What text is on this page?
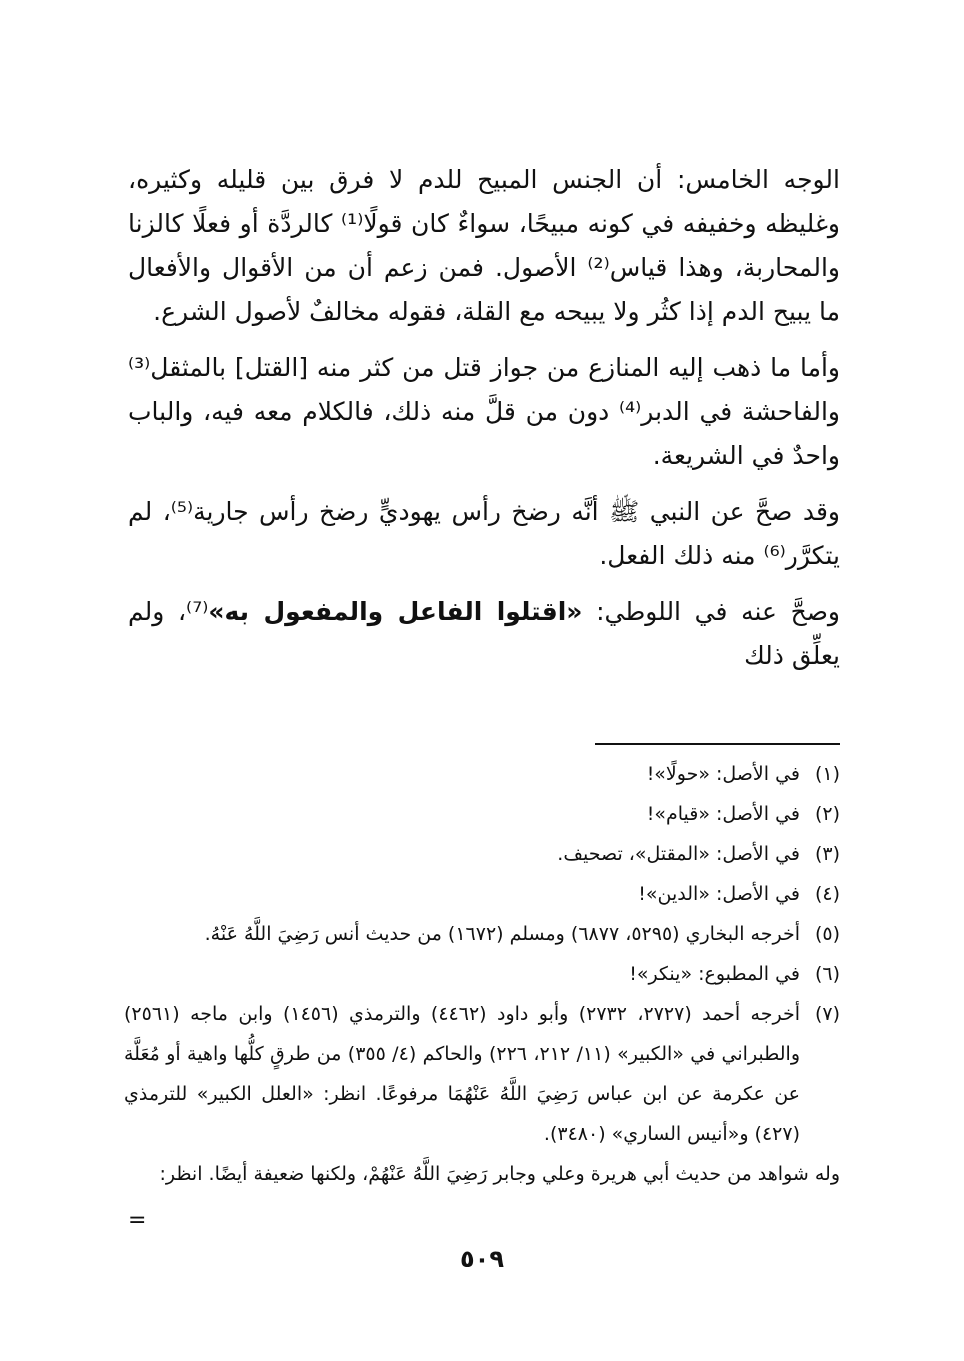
الوجه الخامس: أن الجنس المبيح للدم لا فرق بين قليله وكثيره، وغليظه وخفيفه في كونه مبيحًا، سواءٌ كان قولًا⁽¹⁾ كالردَّة أو فعلًا كالزنا والمحاربة، وهذا قياس⁽²⁾ الأصول. فمن زعم أن من الأقوال والأفعال ما يبيح الدم إذا كثُر ولا يبيحه مع القلة، فقوله مخالفٌ لأصول الشرع.

وأما ما ذهب إليه المنازع من جواز قتل من كثر منه [القتل] بالمثقل⁽³⁾ والفاحشة في الدبر⁽⁴⁾ دون من قلَّ منه ذلك، فالكلام معه فيه، والباب واحدٌ في الشريعة.

وقد صحَّ عن النبي ﷺ أنَّه رضخ رأس يهوديٍّ رضخ رأس جارية⁽⁵⁾، لم يتكرَّر⁽⁶⁾ منه ذلك الفعل.

وصحَّ عنه في اللوطي: «اقتلوا الفاعل والمفعول به»⁽⁷⁾، ولم يعلِّق ذلك

(١)
في الأصل: «حولًا»!
(٢)
في الأصل: «قيام»!
(٣)
في الأصل: «المقتل»، تصحيف.
(٤)
في الأصل: «الدين»!
(٥)
أخرجه البخاري (٥٢٩٥، ٦٨٧٧) ومسلم (١٦٧٢) من حديث أنس رَضِيَ اللَّهُ عَنْهُ.
(٦)
في المطبوع: «ينكر»!
(٧)
أخرجه أحمد (٢٧٢٧، ٢٧٣٢) وأبو داود (٤٤٦٢) والترمذي (١٤٥٦) وابن ماجه (٢٥٦١) والطبراني في «الكبير» (١١/ ٢١٢، ٢٢٦) والحاكم (٤/ ٣٥٥) من طرقٍ كلُّها واهية أو مُعَلَّة عن عكرمة عن ابن عباس رَضِيَ اللَّهُ عَنْهُمَا مرفوعًا. انظر: «العلل الكبير» للترمذي (٤٢٧) و«أنيس الساري» (٣٤٨٠).
وله شواهد من حديث أبي هريرة وعلي وجابر رَضِيَ اللَّهُ عَنْهُمْ، ولكنها ضعيفة أيضًا. انظر:
=
٥٠٩
